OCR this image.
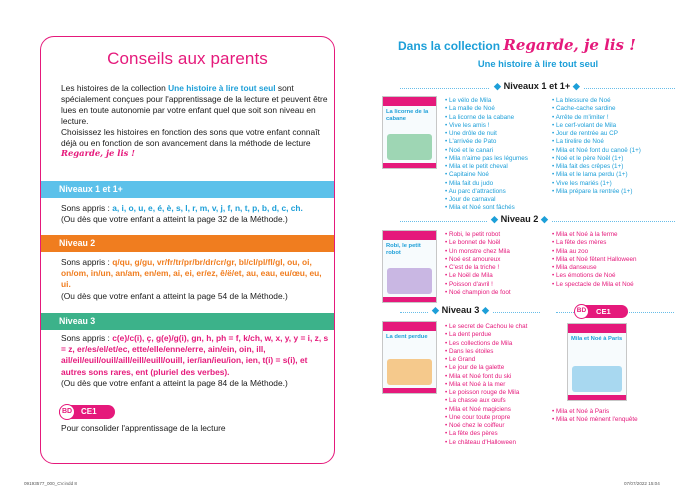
Conseils aux parents
Les histoires de la collection Une histoire à lire tout seul sont spécialement conçues pour l'apprentissage de la lecture et peuvent être lues en toute autonomie par votre enfant quel que soit son niveau en lecture.
Choisissez les histoires en fonction des sons que votre enfant connaît déjà ou en fonction de son avancement dans la méthode de lecture Regarde, je lis !
Niveaux 1 et 1+
Sons appris : a, i, o, u, e, é, è, s, l, r, m, v, j, f, n, t, p, b, d, c, ch.
(Ou dès que votre enfant a atteint la page 32 de la Méthode.)
Niveau 2
Sons appris : q/qu, g/gu, vr/fr/tr/pr/br/dr/cr/gr, bl/cl/pl/fl/gl, ou, oi, on/om, in/un, an/am, en/em, ai, ei, er/ez, ê/ë/et, au, eau, eu/œu, eu, ui.
(Ou dès que votre enfant a atteint la page 54 de la Méthode.)
Niveau 3
Sons appris : c(e)/c(i), ç, g(e)/g(i), gn, h, ph = f, k/ch, w, x, y, y = i, z, s = z, er/es/el/et/ec, ette/elle/enne/erre, ain/ein, oin, ill, ail/eil/euil/ouil/aill/eill/euill/ouill, ier/ian/ieu/ion, ien, t(i) = s(i), et autres sons rares, ent (pluriel des verbes).
(Ou dès que votre enfant a atteint la page 84 de la Méthode.)
BD	CE1
Pour consolider l'apprentissage de la lecture
Dans la collection Regarde, je lis !
Une histoire à lire tout seul
◆ Niveaux 1 et 1+ ◆
La licorne de la cabane
• Le vélo de Mila
• La malle de Noé
• La licorne de la cabane
• Vive les amis !
• Une drôle de nuit
• L'arrivée de Pato
• Noé et le canari
• Mila n'aime pas les légumes
• Mila et le petit cheval
• Capitaine Noé
• Mila fait du judo
• Au parc d'attractions
• Jour de carnaval
• Mila et Noé sont fâchés
• La blessure de Noé
• Cache-cache sardine
• Arrête de m'imiter !
• Le cerf-volant de Mila
• Jour de rentrée au CP
• La tirelire de Noé
• Mila et Noé font du canoë (1+)
• Noé et le père Noël (1+)
• Mila fait des crêpes (1+)
• Mila et le lama perdu (1+)
• Vive les mariés (1+)
• Mila prépare la rentrée (1+)
◆ Niveau 2 ◆
Robi, le petit robot
• Robi, le petit robot
• Le bonnet de Noël
• Un monstre chez Mila
• Noé est amoureux
• C'est de la triche !
• Le Noël de Mila
• Poisson d'avril !
• Noé champion de foot
• Mila et Noé à la ferme
• La fête des mères
• Mila au zoo
• Mila et Noé fêtent Halloween
• Mila danseuse
• Les émotions de Noé
• Le spectacle de Mila et Noé
◆ Niveau 3 ◆
La dent perdue
• Le secret de Cachou le chat
• La dent perdue
• Les collections de Mila
• Dans les étoiles
• Le Grand
• Le jour de la galette
• Mila et Noé font du ski
• Mila et Noé à la mer
• Le poisson rouge de Mila
• La chasse aux œufs
• Mila et Noé magiciens
• Une cour toute propre
• Noé chez le coiffeur
• La fête des pères
• Le château d'Halloween
BD	CE1
Mila et Noé à Paris
• Mila et Noé à Paris
• Mila et Noé mènent l'enquête
09193577_000_CV.indd 8	07/07/2022 15:04
